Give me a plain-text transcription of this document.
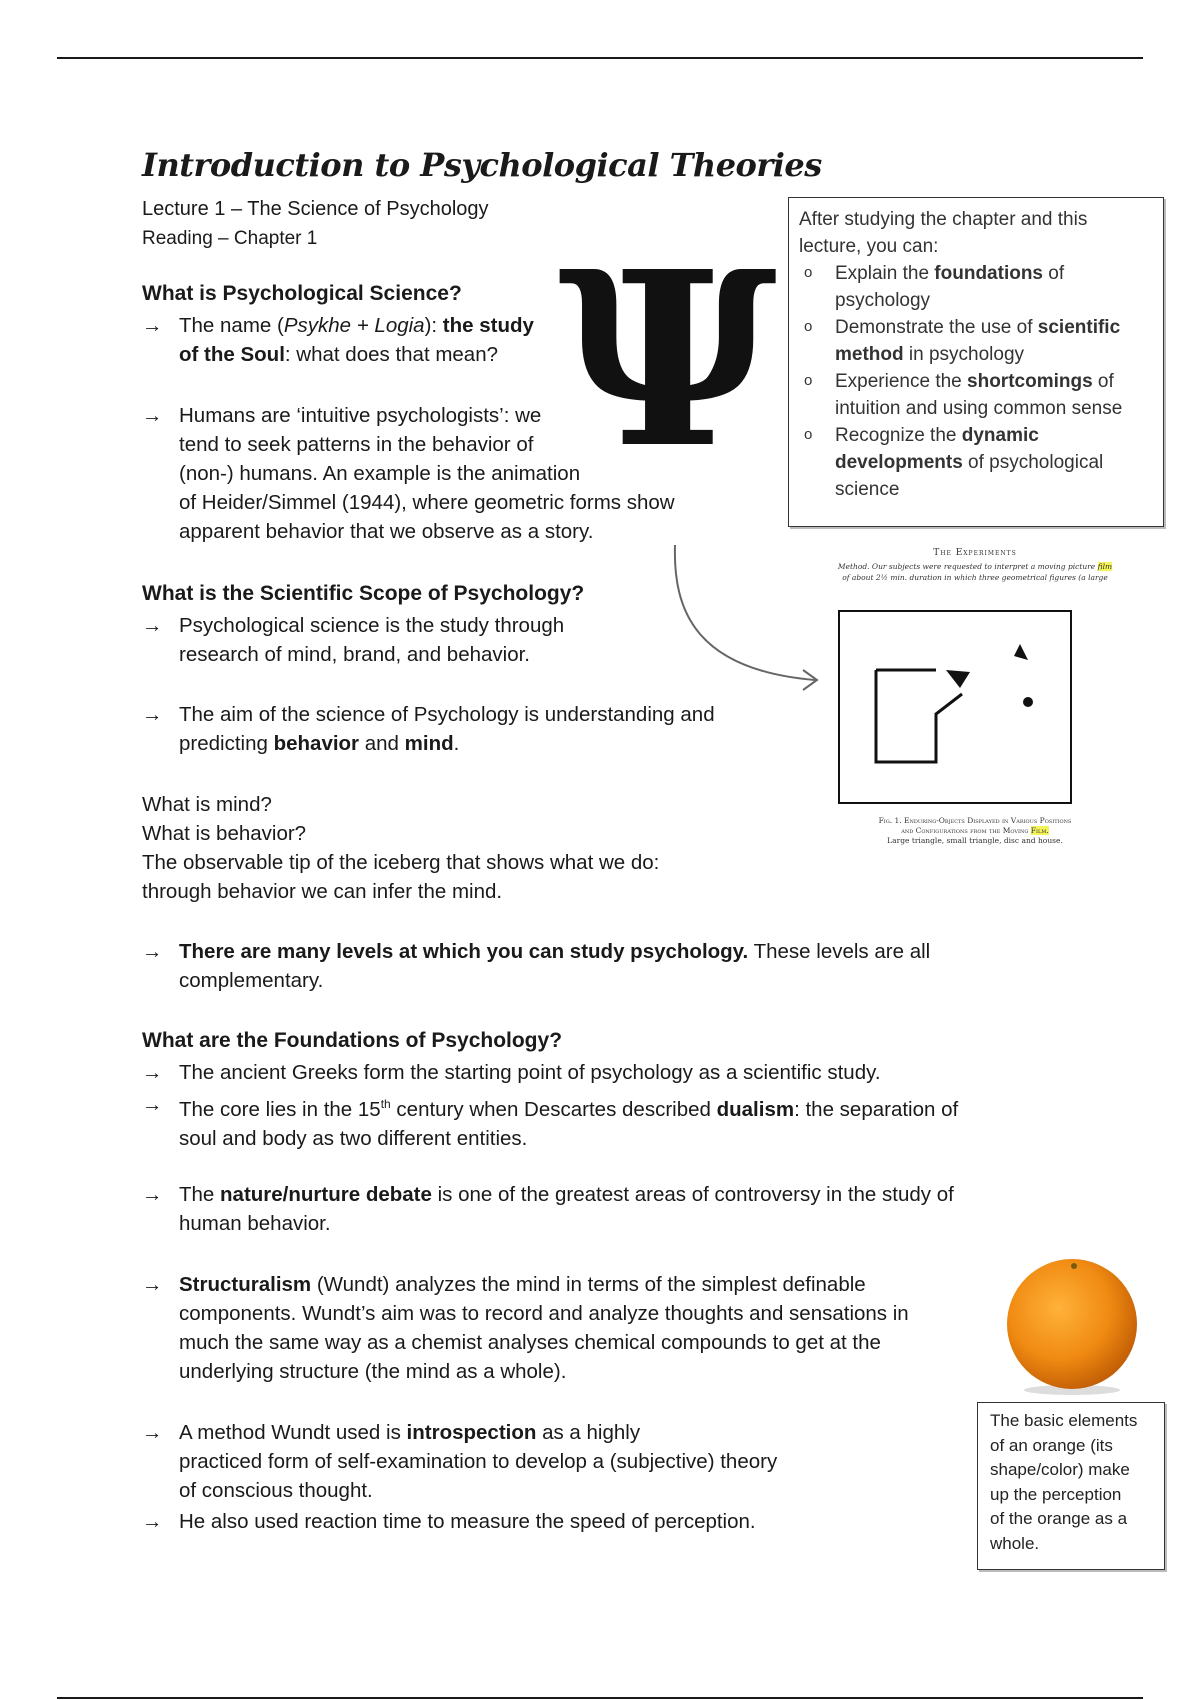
Introduction to Psychological Theories
Lecture 1 – The Science of Psychology
Reading – Chapter 1 Ψ After studying the chapter and this
lecture, you can:
o Explain the foundations of
psychology
o Demonstrate the use of scientific
method in psychology
o Experience the shortcomings of
intuition and using common sense
o Recognize the dynamic
developments of psychological
science
What is Psychological Science?
→ The name (Psykhe + Logia): the study
of the Soul: what does that mean?
→ Humans are ‘intuitive psychologists’: we
tend to seek patterns in the behavior of
(non-) humans. An example is the animation
of Heider/Simmel (1944), where geometric forms show
apparent behavior that we observe as a story.
What is the Scientific Scope of Psychology?
→ Psychological science is the study through
research of mind, brand, and behavior.
→ The aim of the science of Psychology is understanding and
predicting behavior and mind.
What is mind?
What is behavior?
The observable tip of the iceberg that shows what we do:
through behavior we can infer the mind.
→ There are many levels at which you can study psychology. These levels are all
complementary.
What are the Foundations of Psychology?
→ The ancient Greeks form the starting point of psychology as a scientific study.
→ The core lies in the 15th century when Descartes described dualism: the separation of
soul and body as two different entities.
→ The nature/nurture debate is one of the greatest areas of controversy in the study of
human behavior.
→ Structuralism (Wundt) analyzes the mind in terms of the simplest definable
components. Wundt’s aim was to record and analyze thoughts and sensations in
much the same way as a chemist analyses chemical compounds to get at the
underlying structure (the mind as a whole).
→ A method Wundt used is introspection as a highly
practiced form of self-examination to develop a (subjective) theory
of conscious thought.
→ He also used reaction time to measure the speed of perception.
The Experiments
Method. Our subjects were requested to interpret a moving picture film
of about 2½ min. duration in which three geometrical figures (a large
Fig. 1. Enduring-Objects Displayed in Various Positions
and Configurations from the Moving Film.
Large triangle, small triangle, disc and house.
The basic elements
of an orange (its
shape/color) make
up the perception
of the orange as a
whole.
